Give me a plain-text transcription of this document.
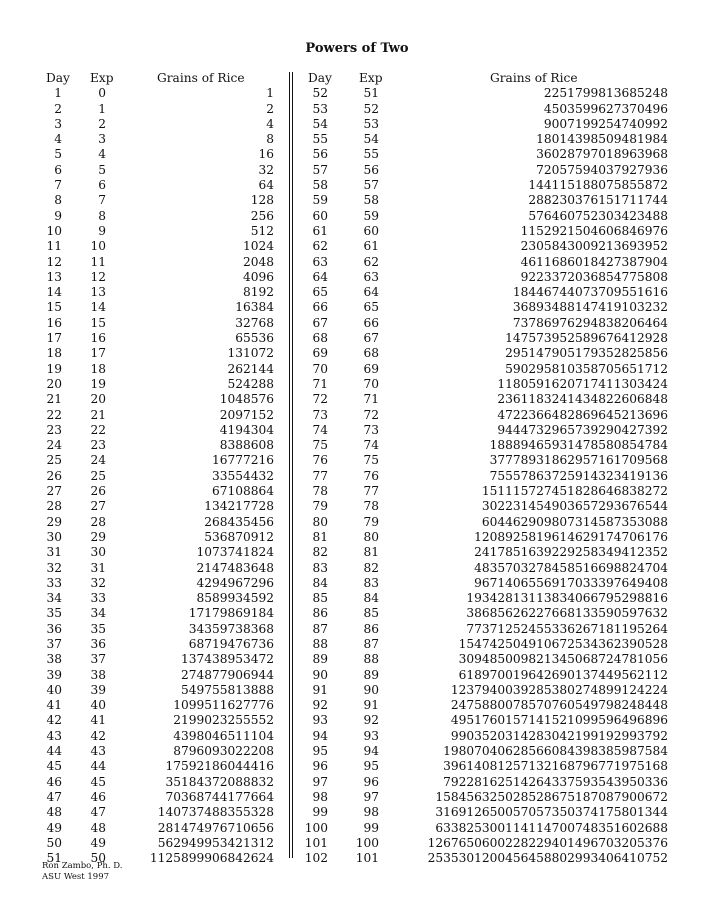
Powers of Two
Day Exp	Grains of Rice
1	0	1
2	1	2
3	2	4
4	3	8
5	4	16
6	5	32
7	6	64
8	7	128
9	8	256
10	9	512
11	10	1024
12	11	2048
13	12	4096
14	13	8192
15	14	16384
16	15	32768
17	16	65536
18	17	131072
19	18	262144
20	19	524288
21	20	1048576
22	21	2097152
23	22	4194304
24	23	8388608
25	24	16777216
26	25	33554432
27	26	67108864
28	27	134217728
29	28	268435456
30	29	536870912
31	30	1073741824
32	31	2147483648
33	32	4294967296
34	33	8589934592
35	34	17179869184
36	35	34359738368
37	36	68719476736
38	37	137438953472
39	38	274877906944
40	39	549755813888
41	40	1099511627776
42	41	2199023255552
43	42	4398046511104
44	43	8796093022208
45	44	17592186044416
46	45	35184372088832
47	46	70368744177664
48	47	140737488355328
49	48	281474976710656
50	49	562949953421312
51	50	1125899906842624
Day Exp	Grains of Rice
52	51	2251799813685248
53	52	4503599627370496
54	53	9007199254740992
55	54	18014398509481984
56	55	36028797018963968
57	56	72057594037927936
58	57	144115188075855872
59	58	288230376151711744
60	59	576460752303423488
61	60	1152921504606846976
62	61	2305843009213693952
63	62	4611686018427387904
64	63	9223372036854775808
65	64	18446744073709551616
66	65	36893488147419103232
67	66	73786976294838206464
68	67	147573952589676412928
69	68	295147905179352825856
70	69	590295810358705651712
71	70	1180591620717411303424
72	71	2361183241434822606848
73	72	4722366482869645213696
74	73	9444732965739290427392
75	74	18889465931478580854784
76	75	37778931862957161709568
77	76	75557863725914323419136
78	77	151115727451828646838272
79	78	302231454903657293676544
80	79	604462909807314587353088
81	80	1208925819614629174706176
82	81	2417851639229258349412352
83	82	4835703278458516698824704
84	83	9671406556917033397649408
85	84	19342813113834066795298816
86	85	38685626227668133590597632
87	86	77371252455336267181195264
88	87	154742504910672534362390528
89	88	309485009821345068724781056
90	89	618970019642690137449562112
91	90	1237940039285380274899124224
92	91	2475880078570760549798248448
93	92	4951760157141521099596496896
94	93	9903520314283042199192993792
95	94	19807040628566084398385987584
96	95	39614081257132168796771975168
97	96	79228162514264337593543950336
98	97	158456325028528675187087900672
99	98	316912650057057350374175801344
100	99	633825300114114700748351602688
101	100	1267650600228229401496703205376
102	101	2535301200456458802993406410752
Ron Zambo, Ph. D.
ASU West 1997
